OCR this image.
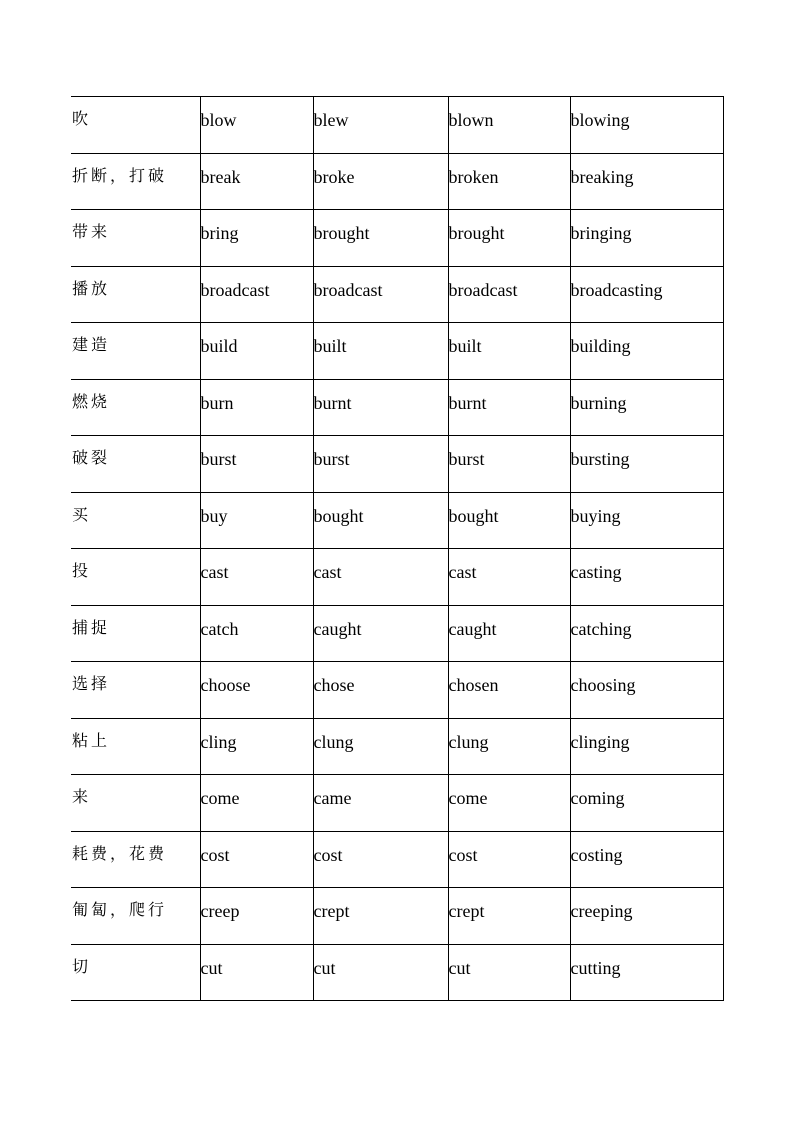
吹	blow	blew	blown	blowing

折断，打破	break	broke	broken	breaking

带来	bring	brought	brought	bringing

播放	broadcast	broadcast	broadcast	broadcasting

建造	build	built	built	building

燃烧	burn	burnt	burnt	burning

破裂	burst	burst	burst	bursting

买	buy	bought	bought	buying

投	cast	cast	cast	casting

捕捉	catch	caught	caught	catching

选择	choose	chose	chosen	choosing

粘上	cling	clung	clung	clinging

来	come	came	come	coming

耗费，花费	cost	cost	cost	costing

匍匐，爬行	creep	crept	crept	creeping

切	cut	cut	cut	cutting
